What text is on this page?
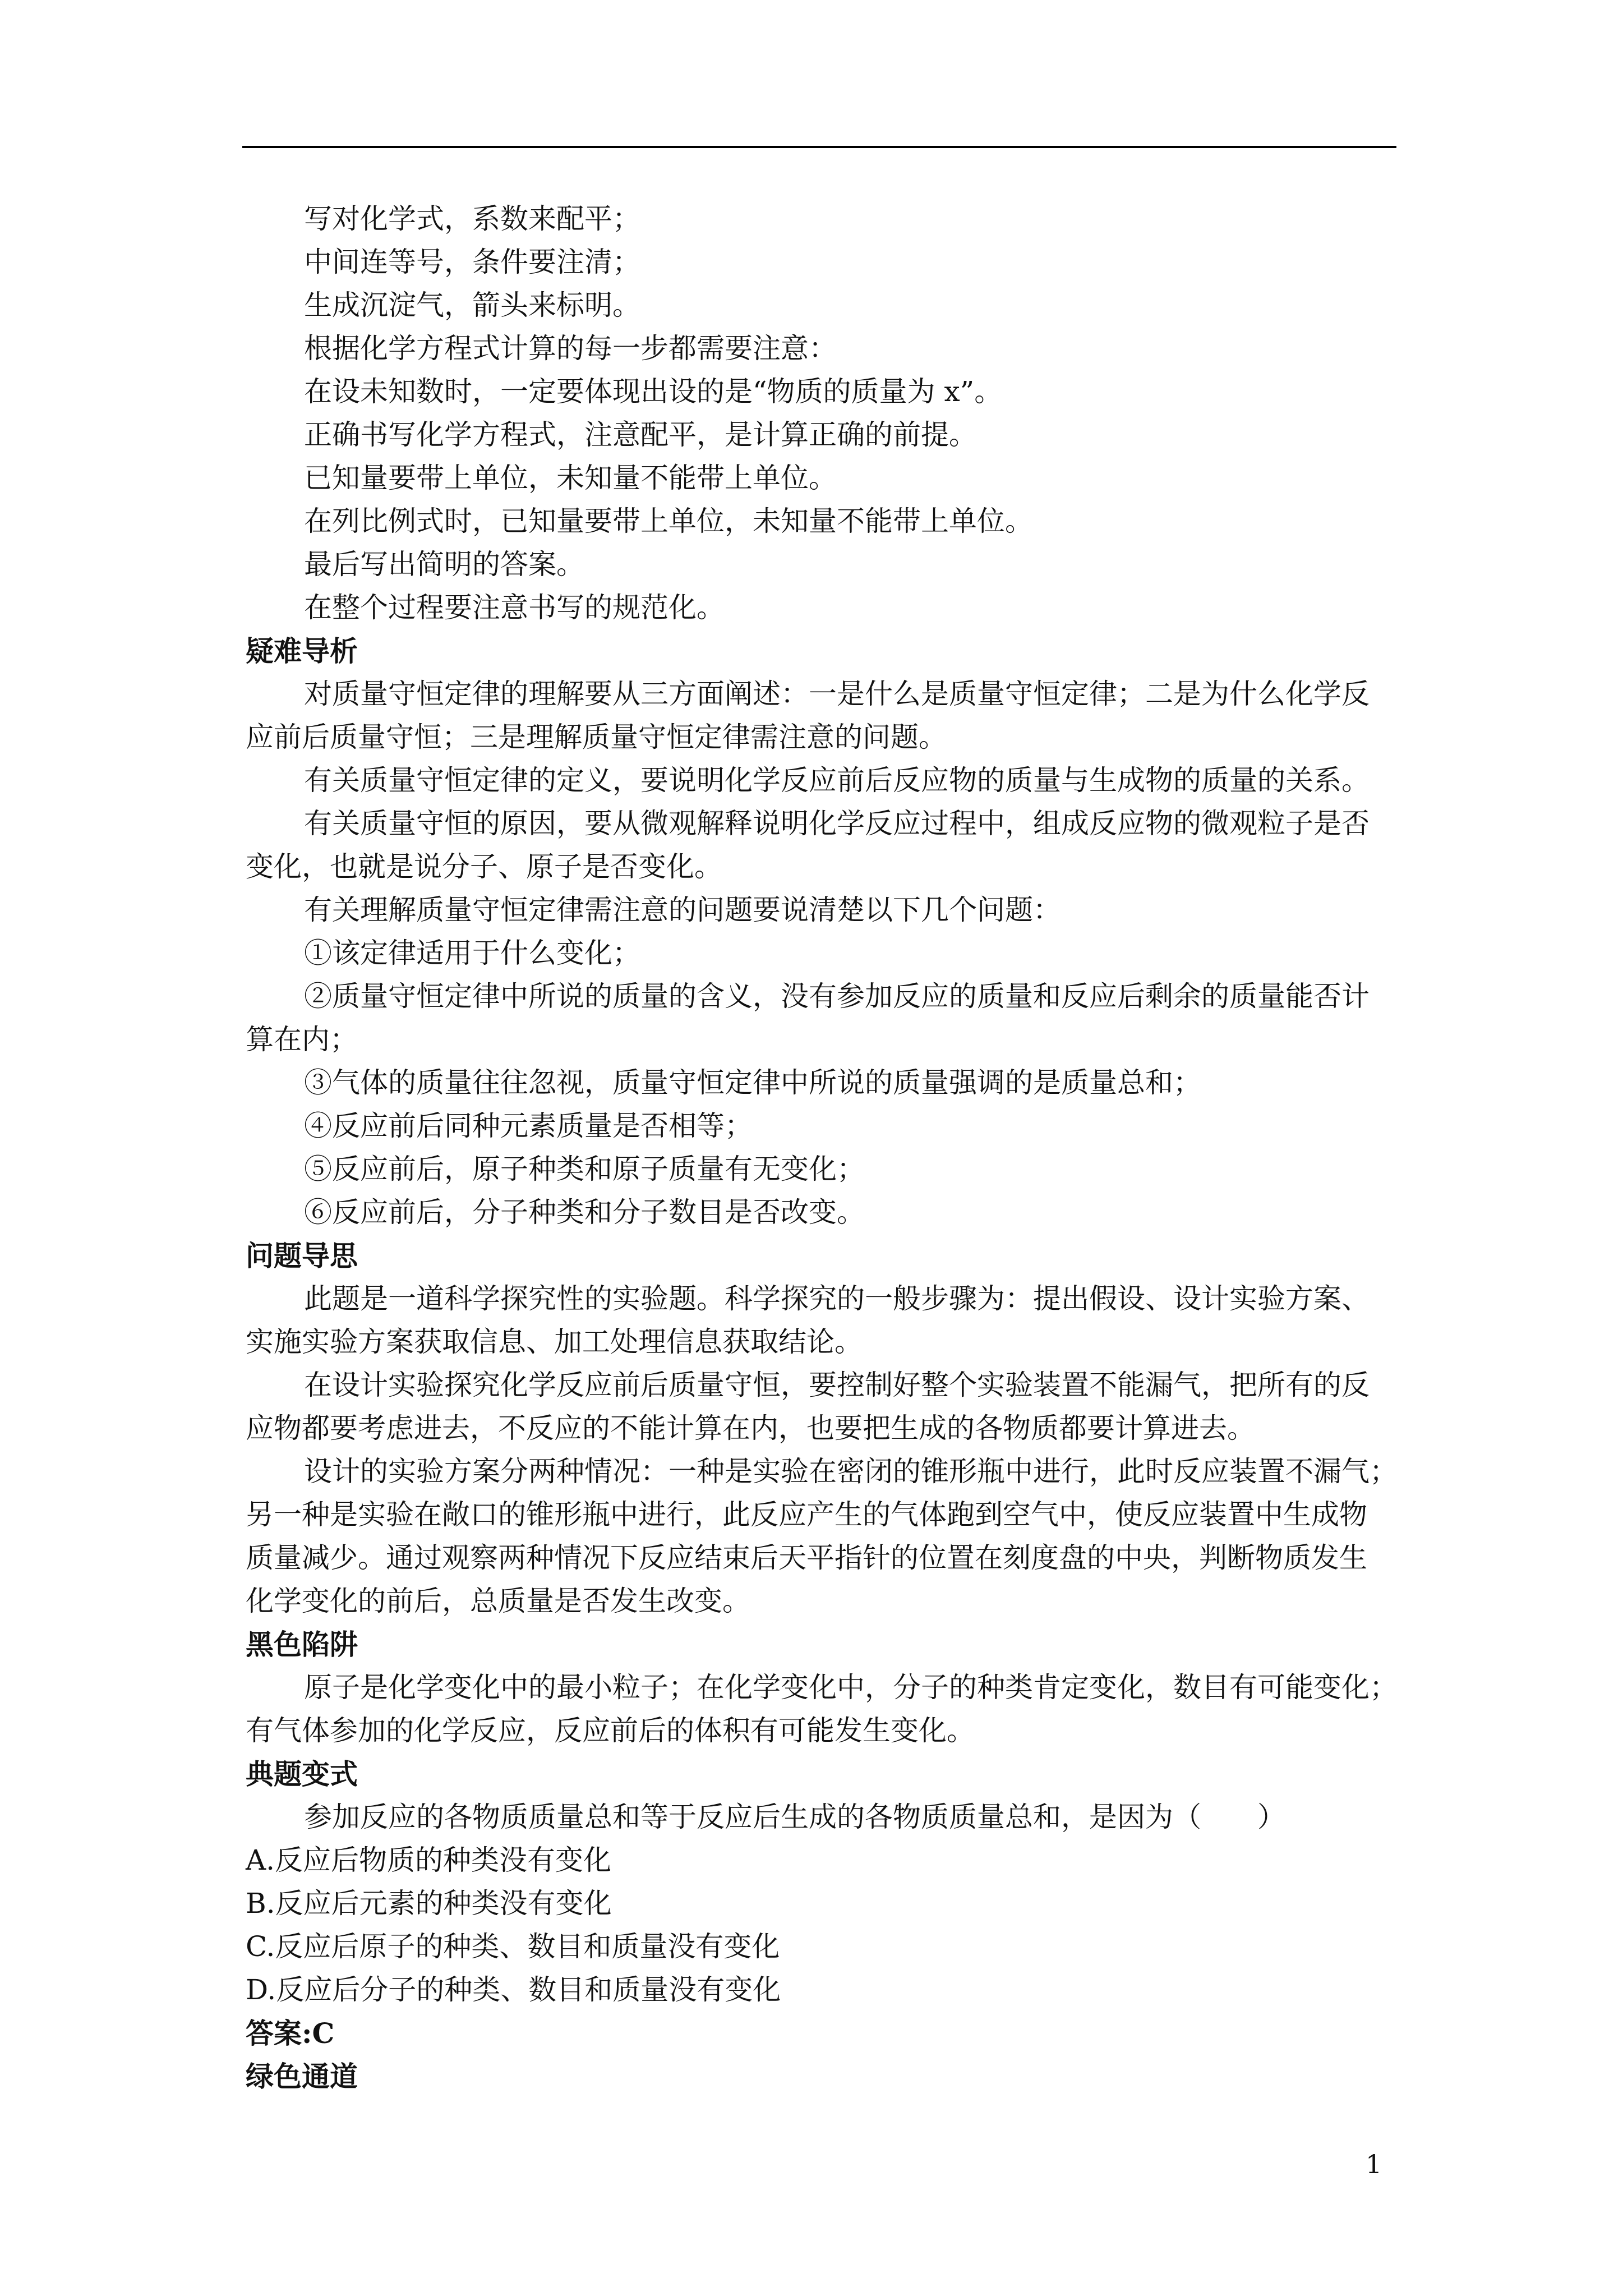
写对化学式，系数来配平；
中间连等号，条件要注清；
生成沉淀气，箭头来标明。
根据化学方程式计算的每一步都需要注意：
在设未知数时，一定要体现出设的是“物质的质量为 x”。
正确书写化学方程式，注意配平，是计算正确的前提。
已知量要带上单位，未知量不能带上单位。
在列比例式时，已知量要带上单位，未知量不能带上单位。
最后写出简明的答案。
在整个过程要注意书写的规范化。
疑难导析
对质量守恒定律的理解要从三方面阐述：一是什么是质量守恒定律；二是为什么化学反
应前后质量守恒；三是理解质量守恒定律需注意的问题。
有关质量守恒定律的定义，要说明化学反应前后反应物的质量与生成物的质量的关系。
有关质量守恒的原因，要从微观解释说明化学反应过程中，组成反应物的微观粒子是否
变化，也就是说分子、原子是否变化。
有关理解质量守恒定律需注意的问题要说清楚以下几个问题：
①该定律适用于什么变化；
②质量守恒定律中所说的质量的含义，没有参加反应的质量和反应后剩余的质量能否计
算在内；
③气体的质量往往忽视，质量守恒定律中所说的质量强调的是质量总和；
④反应前后同种元素质量是否相等；
⑤反应前后，原子种类和原子质量有无变化；
⑥反应前后，分子种类和分子数目是否改变。
问题导思
此题是一道科学探究性的实验题。科学探究的一般步骤为：提出假设、设计实验方案、
实施实验方案获取信息、加工处理信息获取结论。
在设计实验探究化学反应前后质量守恒，要控制好整个实验装置不能漏气，把所有的反
应物都要考虑进去，不反应的不能计算在内，也要把生成的各物质都要计算进去。
设计的实验方案分两种情况：一种是实验在密闭的锥形瓶中进行，此时反应装置不漏气；
另一种是实验在敞口的锥形瓶中进行，此反应产生的气体跑到空气中，使反应装置中生成物
质量减少。通过观察两种情况下反应结束后天平指针的位置在刻度盘的中央，判断物质发生
化学变化的前后，总质量是否发生改变。
黑色陷阱
原子是化学变化中的最小粒子；在化学变化中，分子的种类肯定变化，数目有可能变化；
有气体参加的化学反应，反应前后的体积有可能发生变化。
典题变式
参加反应的各物质质量总和等于反应后生成的各物质质量总和，是因为（　　）
A.反应后物质的种类没有变化
B.反应后元素的种类没有变化
C.反应后原子的种类、数目和质量没有变化
D.反应后分子的种类、数目和质量没有变化
答案:C
绿色通道
1
